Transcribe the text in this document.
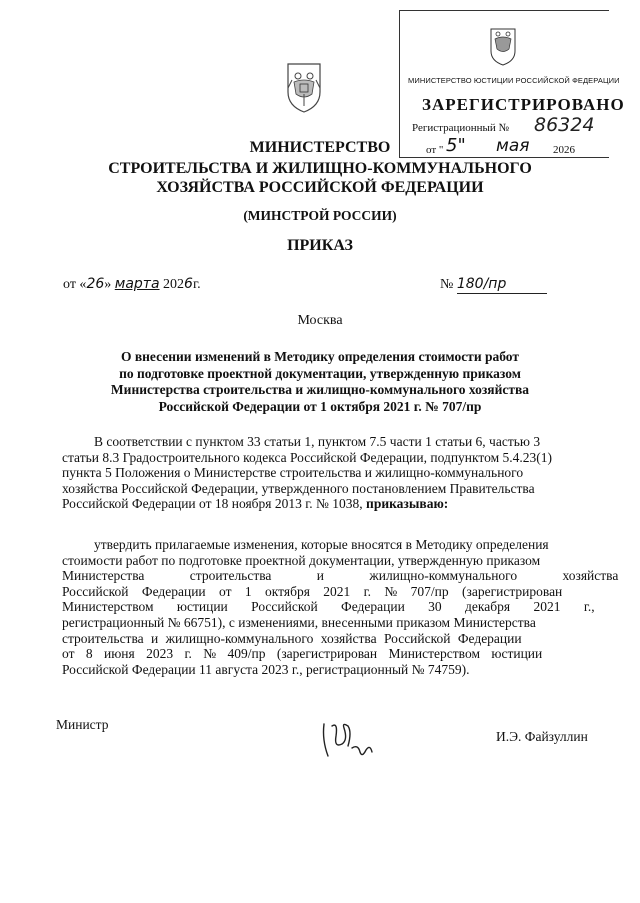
МИНИСТЕРСТВО ЮСТИЦИИ РОССИЙСКОЙ ФЕДЕРАЦИИ
ЗАРЕГИСТРИРОВАНО
Регистрационный № 86324
от " 5" мая 2026
МИНИСТЕРСТВО
СТРОИТЕЛЬСТВА И ЖИЛИЩНО-КОММУНАЛЬНОГО
ХОЗЯЙСТВА РОССИЙСКОЙ ФЕДЕРАЦИИ
(МИНСТРОЙ РОССИИ)
ПРИКАЗ
от «26» марта 2026г.	№ 180/пр
Москва
О внесении изменений в Методику определения стоимости работ
по подготовке проектной документации, утвержденную приказом
Министерства строительства и жилищно-коммунального хозяйства
Российской Федерации от 1 октября 2021 г. № 707/пр
В соответствии с пунктом 33 статьи 1, пунктом 7.5 части 1 статьи 6, частью 3
статьи 8.3 Градостроительного кодекса Российской Федерации, подпунктом 5.4.23(1)
пункта 5 Положения о Министерстве строительства и жилищно-коммунального
хозяйства Российской Федерации, утвержденного постановлением Правительства
Российской Федерации от 18 ноября 2013 г. № 1038, приказываю:
утвердить прилагаемые изменения, которые вносятся в Методику определения
стоимости работ по подготовке проектной документации, утвержденную приказом
Министерства строительства и жилищно-коммунального хозяйства
Российской Федерации от 1 октября 2021 г. № 707/пр (зарегистрирован
Министерством юстиции Российской Федерации 30 декабря 2021 г.,
регистрационный № 66751), с изменениями, внесенными приказом Министерства
строительства и жилищно-коммунального хозяйства Российской Федерации
от 8 июня 2023 г. № 409/пр (зарегистрирован Министерством юстиции
Российской Федерации 11 августа 2023 г., регистрационный № 74759).
Министр
И.Э. Файзуллин
